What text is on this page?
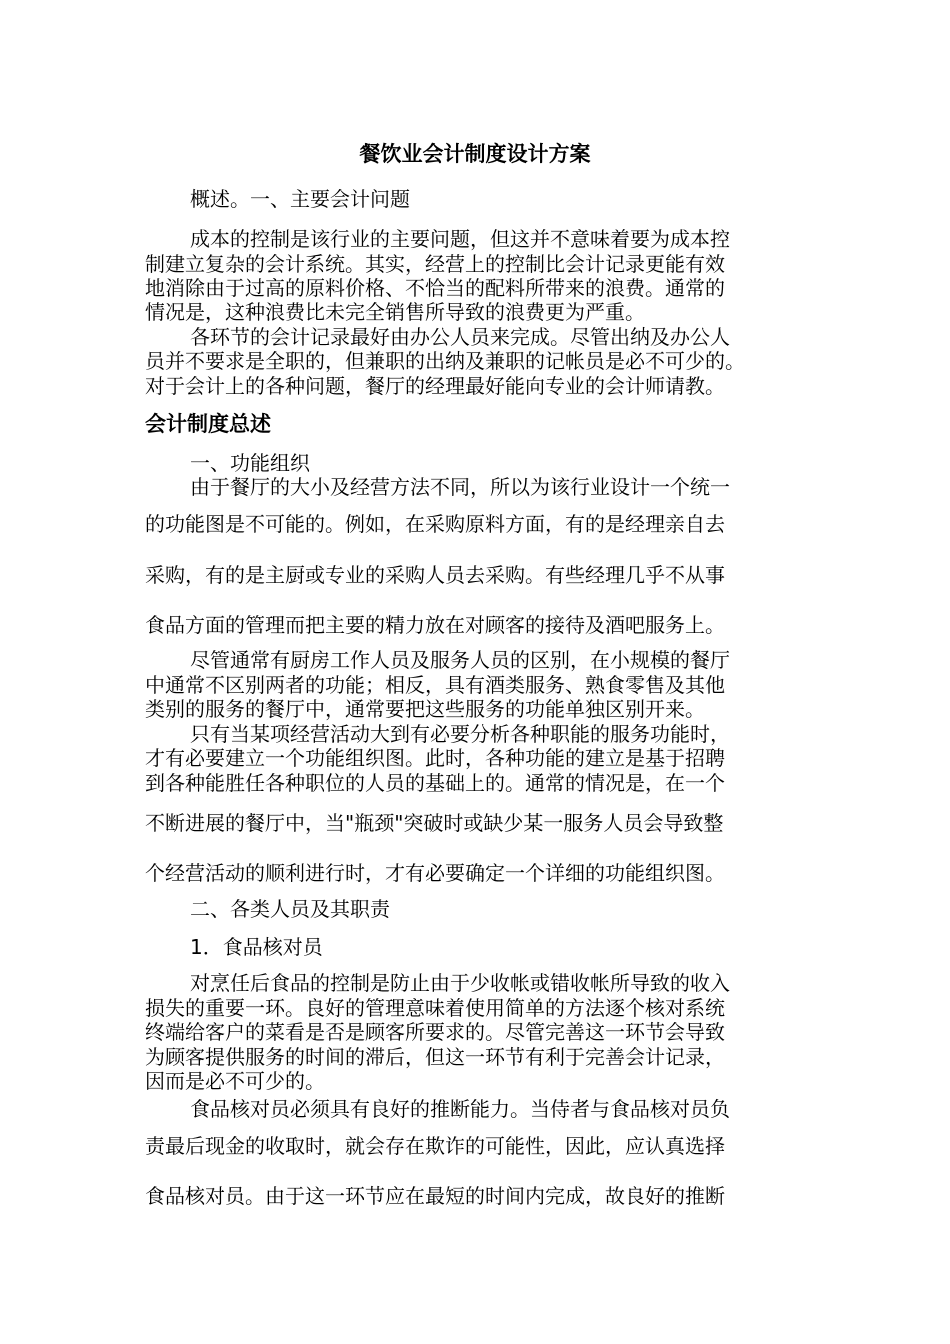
餐饮业会计制度设计方案
概述。一、主要会计问题
成本的控制是该行业的主要问题，但这并不意味着要为成本控
制建立复杂的会计系统。其实，经营上的控制比会计记录更能有效
地消除由于过高的原料价格、不恰当的配料所带来的浪费。通常的
情况是，这种浪费比未完全销售所导致的浪费更为严重。
各环节的会计记录最好由办公人员来完成。尽管出纳及办公人
员并不要求是全职的，但兼职的出纳及兼职的记帐员是必不可少的。
对于会计上的各种问题，餐厅的经理最好能向专业的会计师请教。
会计制度总述
一、功能组织
由于餐厅的大小及经营方法不同，所以为该行业设计一个统一
的功能图是不可能的。例如，在采购原料方面，有的是经理亲自去
采购，有的是主厨或专业的采购人员去采购。有些经理几乎不从事
食品方面的管理而把主要的精力放在对顾客的接待及酒吧服务上。
尽管通常有厨房工作人员及服务人员的区别，在小规模的餐厅
中通常不区别两者的功能；相反，具有酒类服务、熟食零售及其他
类别的服务的餐厅中，通常要把这些服务的功能单独区别开来。
只有当某项经营活动大到有必要分析各种职能的服务功能时，
才有必要建立一个功能组织图。此时，各种功能的建立是基于招聘
到各种能胜任各种职位的人员的基础上的。通常的情况是，在一个
不断进展的餐厅中，当"瓶颈"突破时或缺少某一服务人员会导致整
个经营活动的顺利进行时，才有必要确定一个详细的功能组织图。
二、各类人员及其职责
1．食品核对员
对烹任后食品的控制是防止由于少收帐或错收帐所导致的收入
损失的重要一环。良好的管理意味着使用简单的方法逐个核对系统
终端给客户的菜看是否是顾客所要求的。尽管完善这一环节会导致
为顾客提供服务的时间的滞后，但这一环节有利于完善会计记录，
因而是必不可少的。
食品核对员必须具有良好的推断能力。当侍者与食品核对员负
责最后现金的收取时，就会存在欺诈的可能性，因此，应认真选择
食品核对员。由于这一环节应在最短的时间内完成，故良好的推断
